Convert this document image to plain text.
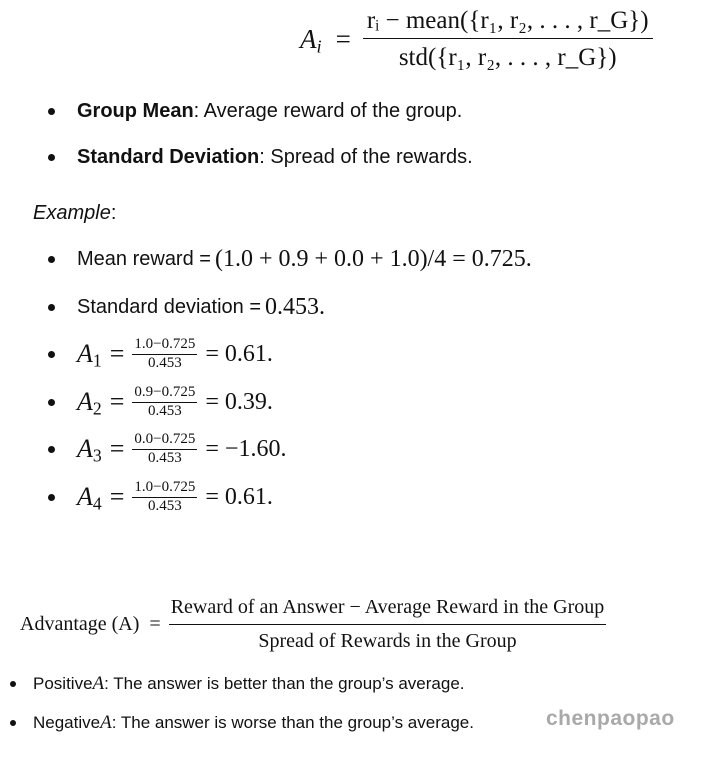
$A_i = \frac{\text{rᵢ − mean(\{r₁, r₂, . . . , r\_G\})}}{\text{std(\{r₁, r₂, . . . , r\_G\})}}$
Group Mean: Average reward of the group.
Standard Deviation: Spread of the rewards.
Example:
Mean reward = (1.0 + 0.9 + 0.0 + 1.0)/4 = 0.725.
Standard deviation = 0.453.
$A_1 = \frac{1.0-0.725}{0.453} = 0.61$.
$A_2 = \frac{0.9-0.725}{0.453} = 0.39$.
$A_3 = \frac{0.0-0.725}{0.453} = -1.60$.
$A_4 = \frac{1.0-0.725}{0.453} = 0.61$.
Advantage $(A) = \frac{\text{Reward of an Answer − Average Reward in the Group}}{\text{Spread of Rewards in the Group}}$
Positive A : The answer is better than the group’s average.
Negative A : The answer is worse than the group’s average.	chenpaopao
